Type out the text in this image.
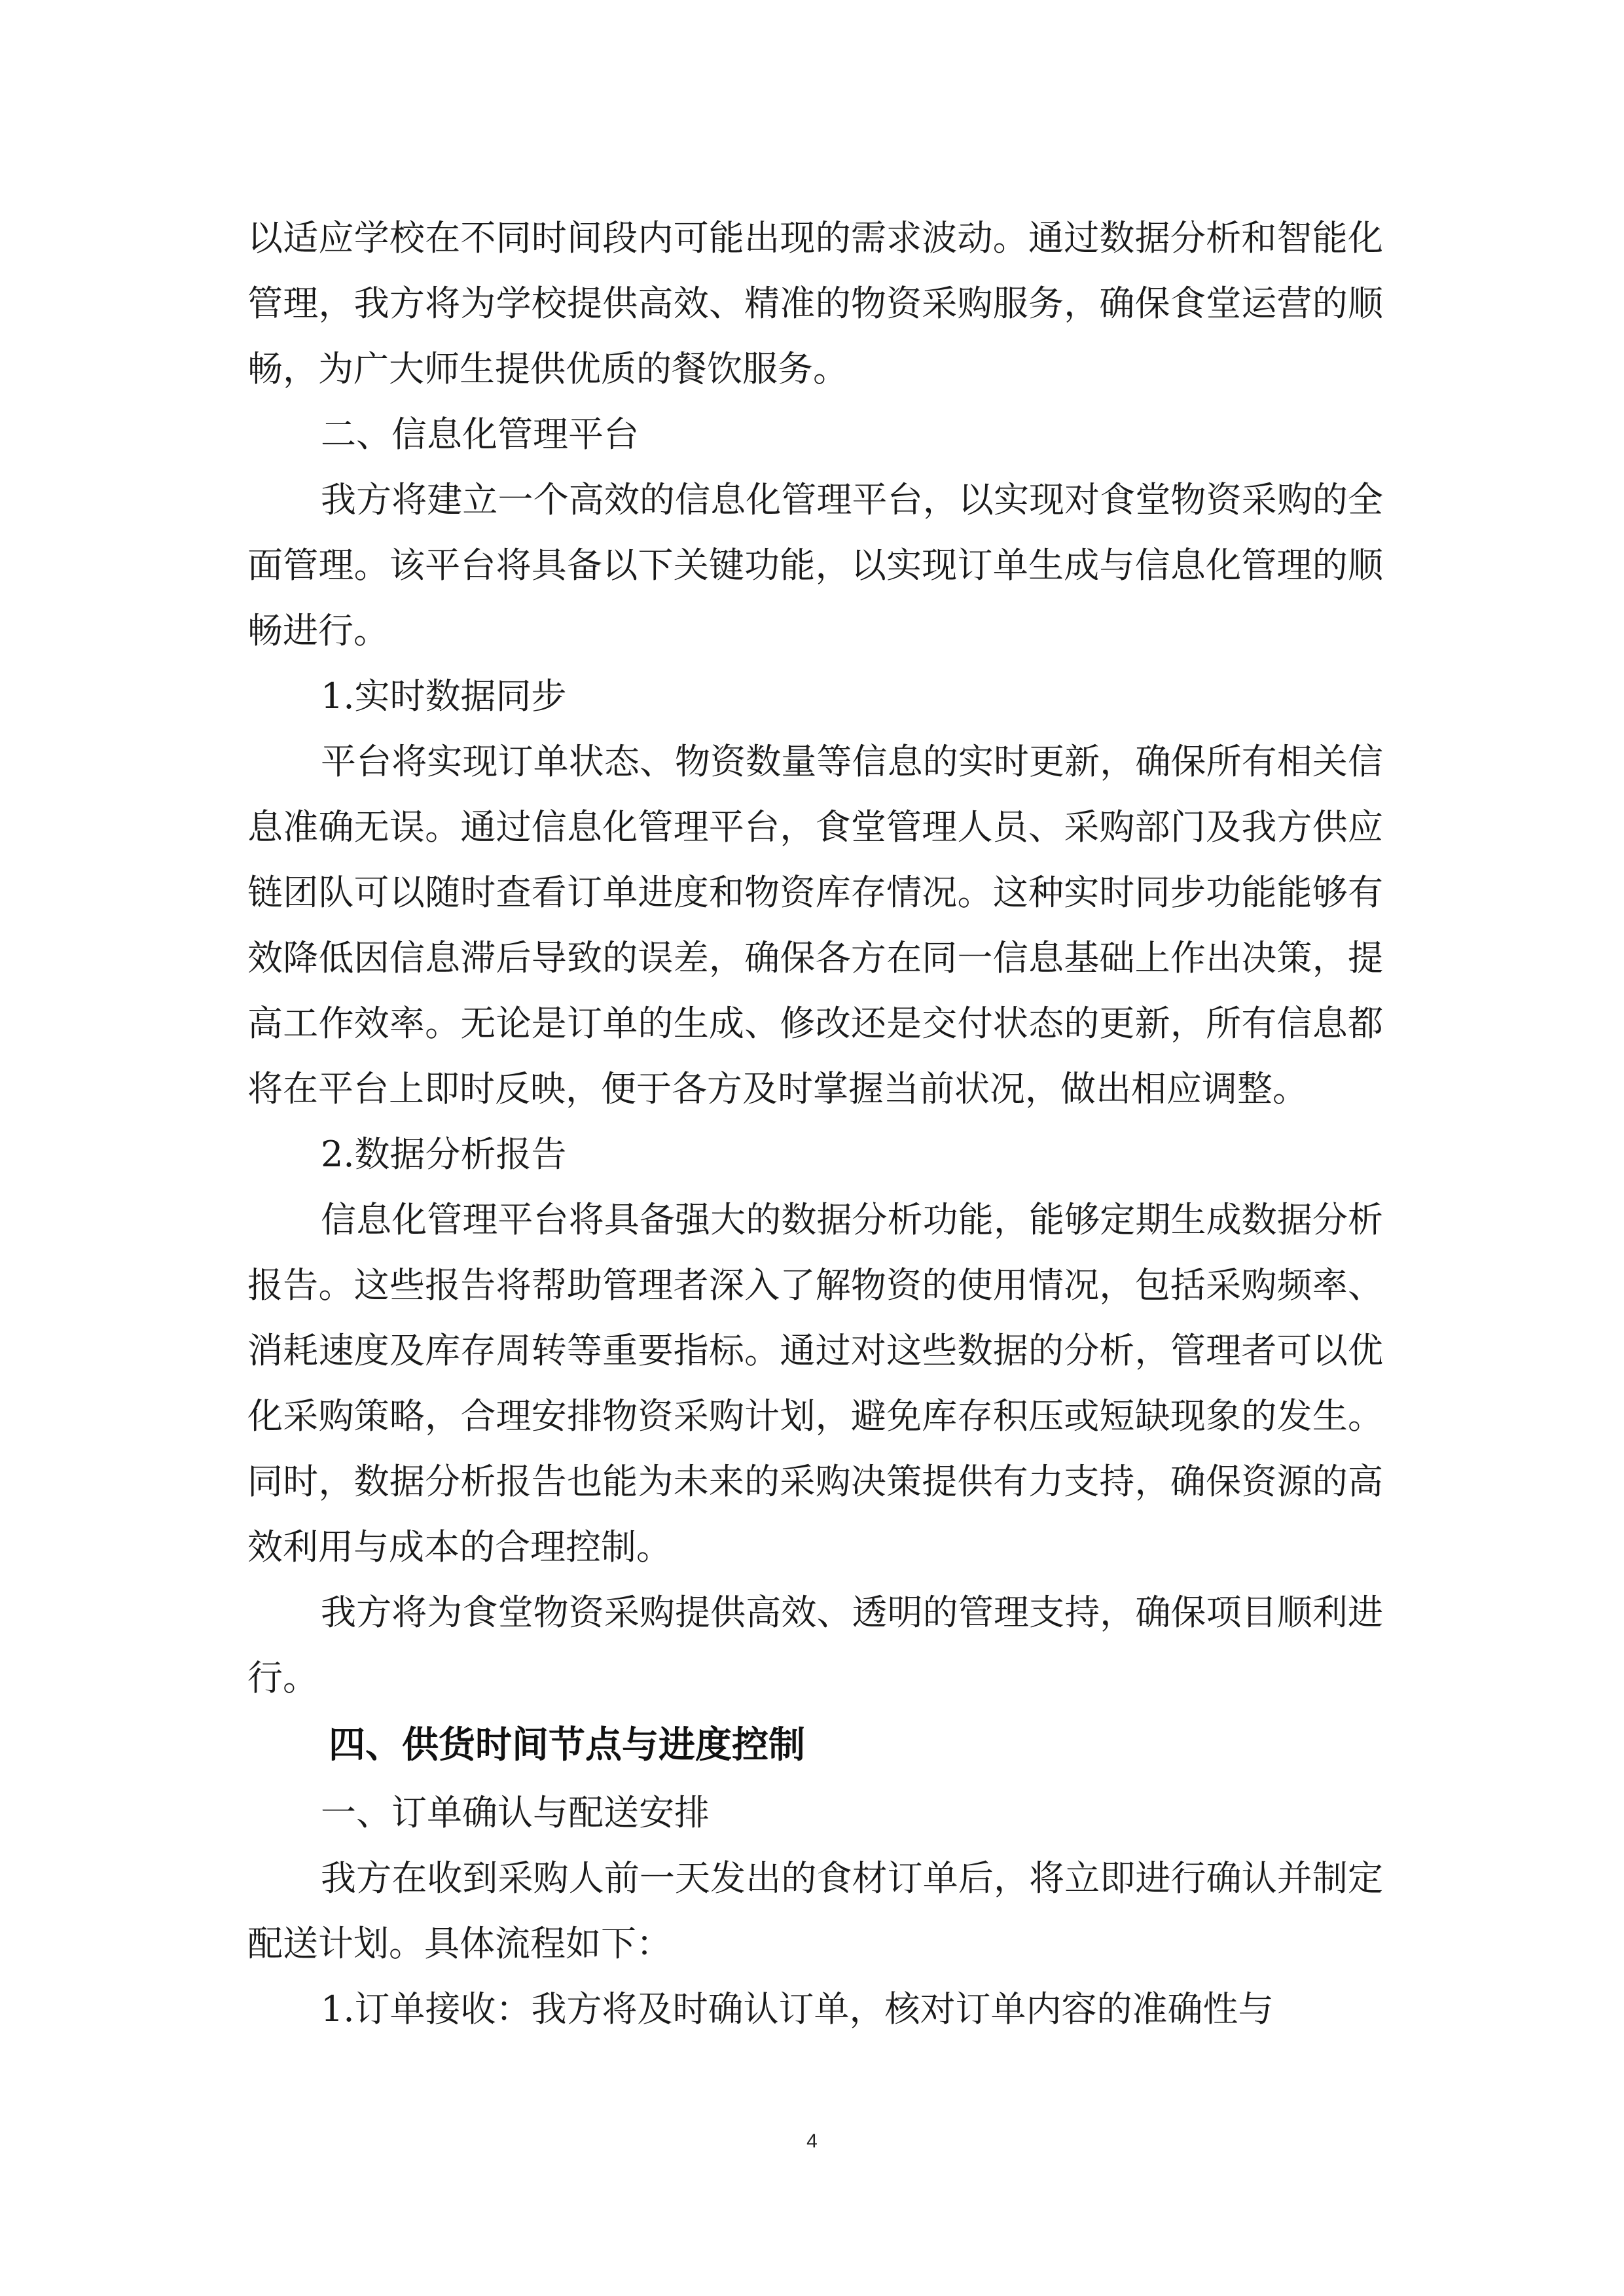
以适应学校在不同时间段内可能出现的需求波动。通过数据分析和智能化管理，我方将为学校提供高效、精准的物资采购服务，确保食堂运营的顺畅，为广大师生提供优质的餐饮服务。

二、信息化管理平台

我方将建立一个高效的信息化管理平台，以实现对食堂物资采购的全面管理。该平台将具备以下关键功能，以实现订单生成与信息化管理的顺畅进行。

1.实时数据同步

平台将实现订单状态、物资数量等信息的实时更新，确保所有相关信息准确无误。通过信息化管理平台，食堂管理人员、采购部门及我方供应链团队可以随时查看订单进度和物资库存情况。这种实时同步功能能够有效降低因信息滞后导致的误差，确保各方在同一信息基础上作出决策，提高工作效率。无论是订单的生成、修改还是交付状态的更新，所有信息都将在平台上即时反映，便于各方及时掌握当前状况，做出相应调整。

2.数据分析报告

信息化管理平台将具备强大的数据分析功能，能够定期生成数据分析报告。这些报告将帮助管理者深入了解物资的使用情况，包括采购频率、消耗速度及库存周转等重要指标。通过对这些数据的分析，管理者可以优化采购策略，合理安排物资采购计划，避免库存积压或短缺现象的发生。同时，数据分析报告也能为未来的采购决策提供有力支持，确保资源的高效利用与成本的合理控制。

我方将为食堂物资采购提供高效、透明的管理支持，确保项目顺利进行。

四、供货时间节点与进度控制

一、订单确认与配送安排

我方在收到采购人前一天发出的食材订单后，将立即进行确认并制定配送计划。具体流程如下：

1.订单接收：我方将及时确认订单，核对订单内容的准确性与

4
